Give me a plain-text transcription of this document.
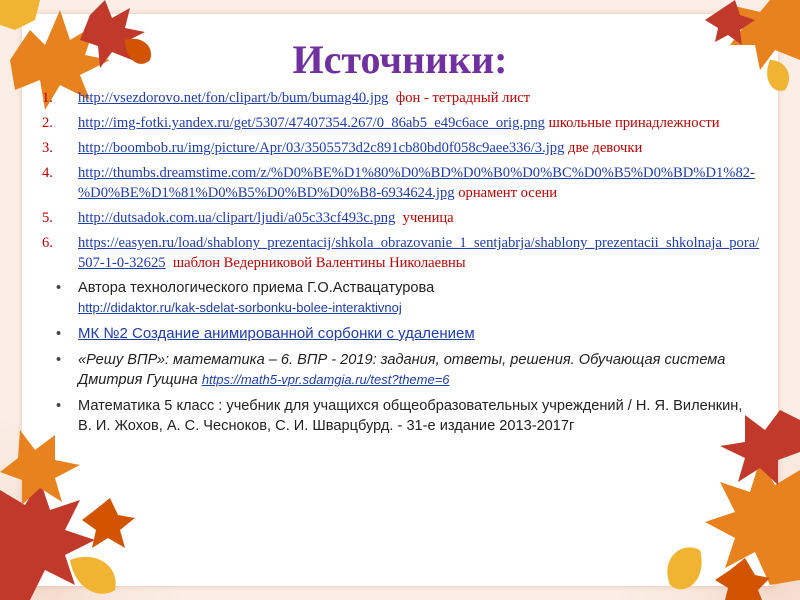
Источники:
1. http://vsezdorovo.net/fon/clipart/b/bum/bumag40.jpg фон - тетрадный лист
2. http://img-fotki.yandex.ru/get/5307/47407354.267/0_86ab5_e49c6ace_orig.png школьные принадлежности
3. http://boombob.ru/img/picture/Apr/03/3505573d2c891cb80bd0f058c9aee336/3.jpg две девочки
4. http://thumbs.dreamstime.com/z/%D0%BE%D1%80%D0%BD%D0%B0%D0%BC%D0%B5%D0%BD%D1%82-%D0%BE%D1%81%D0%B5%D0%BD%D0%B8-6934624.jpg орнамент осени
5. http://dutsadok.com.ua/clipart/ljudi/a05c33cf493c.png ученица
6. https://easyen.ru/load/shablony_prezentacij/shkola_obrazovanie_1_sentjabrja/shablony_prezentacii_shkolnaja_pora/507-1-0-32625 шаблон Ведерниковой Валентины Николаевны
• Автора технологического приема Г.О.Аствацатурова
http://didaktor.ru/kak-sdelat-sorbonku-bolee-interaktivnoj
• МК №2 Создание анимированной сорбонки с удалением
• «Решу ВПР»: математика – 6. ВПР - 2019: задания, ответы, решения. Обучающая система Дмитрия Гущина https://math5-vpr.sdamgia.ru/test?theme=6
• Математика 5 класс : учебник для учащихся общеобразовательных учреждений / Н. Я. Виленкин, В. И. Жохов, А. С. Чесноков, С. И. Шварцбурд. - 31-е издание 2013-2017г
